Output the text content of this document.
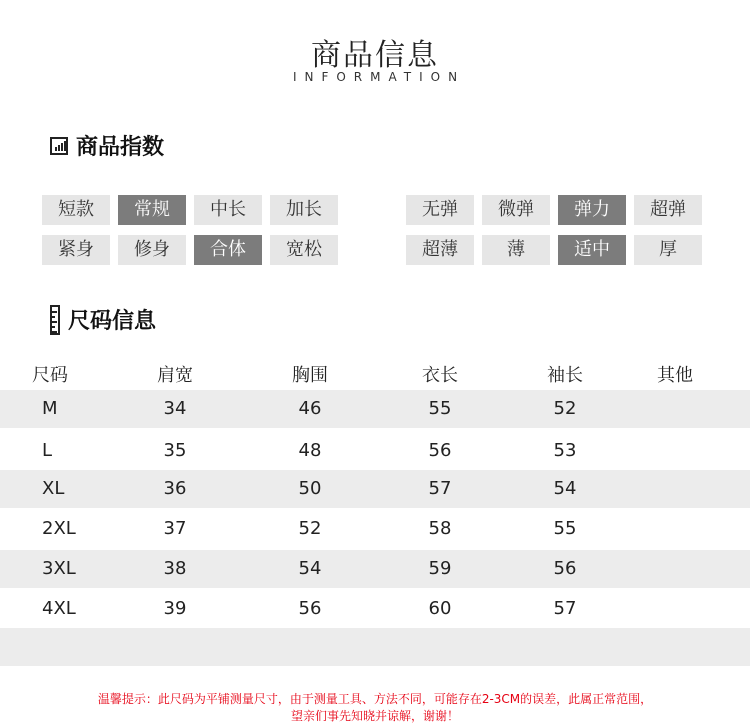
商品信息
INFORMATION
商品指数
短款	常规	中长	加长
紧身	修身	合体	宽松
无弹	微弹	弹力	超弹
超薄	薄	适中	厚
尺码信息
尺码	肩宽	胸围	衣长	袖长	其他
M	34	46	55	52
L	35	48	56	53
XL	36	50	57	54
2XL	37	52	58	55
3XL	38	54	59	56
4XL	39	56	60	57
温馨提示：此尺码为平铺测量尺寸，由于测量工具、方法不同，可能存在2-3CM的误差，此属正常范围，
望亲们事先知晓并谅解，谢谢！
